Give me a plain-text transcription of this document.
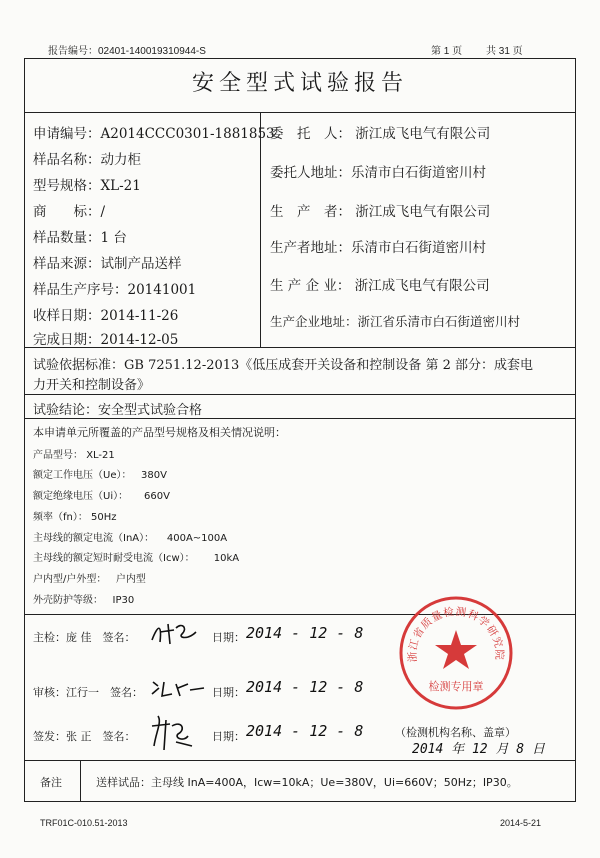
报告编号：02401-140019310944-S	第 1 页 共 31 页
安全型式试验报告
申请编号：A2014CCC0301-1881853
样品名称：动力柜
型号规格：XL-21
商　　标：/
样品数量：1 台
样品来源：试制产品送样
样品生产序号：20141001
收样日期：2014-11-26
完成日期：2014-12-05
委　托　人： 浙江成飞电气有限公司
委托人地址：乐清市白石街道密川村
生　产　者： 浙江成飞电气有限公司
生产者地址：乐清市白石街道密川村
生 产 企 业： 浙江成飞电气有限公司
生产企业地址：浙江省乐清市白石街道密川村
试验依据标准：GB 7251.12-2013《低压成套开关设备和控制设备 第 2 部分：成套电
力开关和控制设备》
试验结论：安全型式试验合格
本申请单元所覆盖的产品型号规格及相关情况说明：
产品型号： XL-21
额定工作电压（Ue）： 380V
额定绝缘电压（Ui）： 660V
频率（fn）： 50Hz
主母线的额定电流（InA）： 400A~100A
主母线的额定短时耐受电流（Icw）： 10kA
户内型/户外型： 户内型
外壳防护等级： IP30
主检：庞 佳　签名：	日期： 2014 - 12 - 8
审核：江行一　签名：	日期： 2014 - 12 - 8
签发：张 正　签名：	日期： 2014 - 12 - 8
浙江省质量检测科学研究院
检测专用章
（检测机构名称、盖章）
2014 年 12 月 8 日
备注	送样试品：主母线 InA=400A，Icw=10kA；Ue=380V，Ui=660V；50Hz；IP30。
TRF01C-010.51-2013	2014-5-21
